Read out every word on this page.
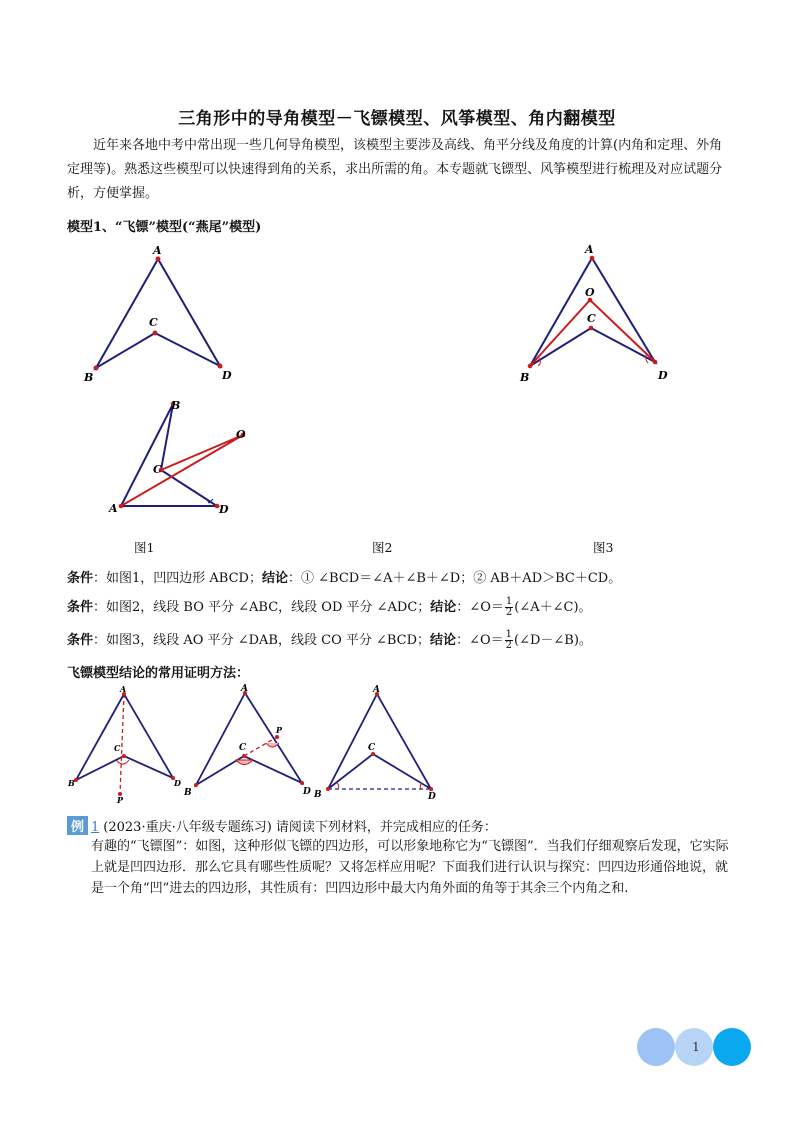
三角形中的导角模型－飞镖模型、风筝模型、角内翻模型
近年来各地中考中常出现一些几何导角模型，该模型主要涉及高线、角平分线及角度的计算(内角和定理、外角定理等)。熟悉这些模型可以快速得到角的关系，求出所需的角。本专题就飞镖型、风筝模型进行梳理及对应试题分析，方便掌握。
模型1、“飞镖”模型(“燕尾”模型)
A
B
C
D
A
B
C
D
O
A
B
C
D
O
图1	图2	图3
条件：如图1，凹四边形 ABCD；结论：① ∠BCD＝∠A＋∠B＋∠D；② AB＋AD＞BC＋CD。
条件：如图2，线段 BO 平分 ∠ABC，线段 OD 平分 ∠ADC；结论：∠O＝ $\frac{1}{2}$ (∠A＋∠C)。
条件：如图3，线段 AO 平分 ∠DAB，线段 CO 平分 ∠BCD；结论：∠O＝ $\frac{1}{2}$ (∠D－∠B)。
飞镖模型结论的常用证明方法：
A
B
C
D
P
A
B
C
D
P
A
B
C
D
例 1 (2023·重庆·八年级专题练习) 请阅读下列材料，并完成相应的任务：
有趣的“飞镖图”：如图，这种形似飞镖的四边形，可以形象地称它为“飞镖图”．当我们仔细观察后发现，它实际上就是凹四边形．那么它具有哪些性质呢？又将怎样应用呢？下面我们进行认识与探究：凹四边形通俗地说，就是一个角“凹”进去的四边形，其性质有：凹四边形中最大内角外面的角等于其余三个内角之和.
1
